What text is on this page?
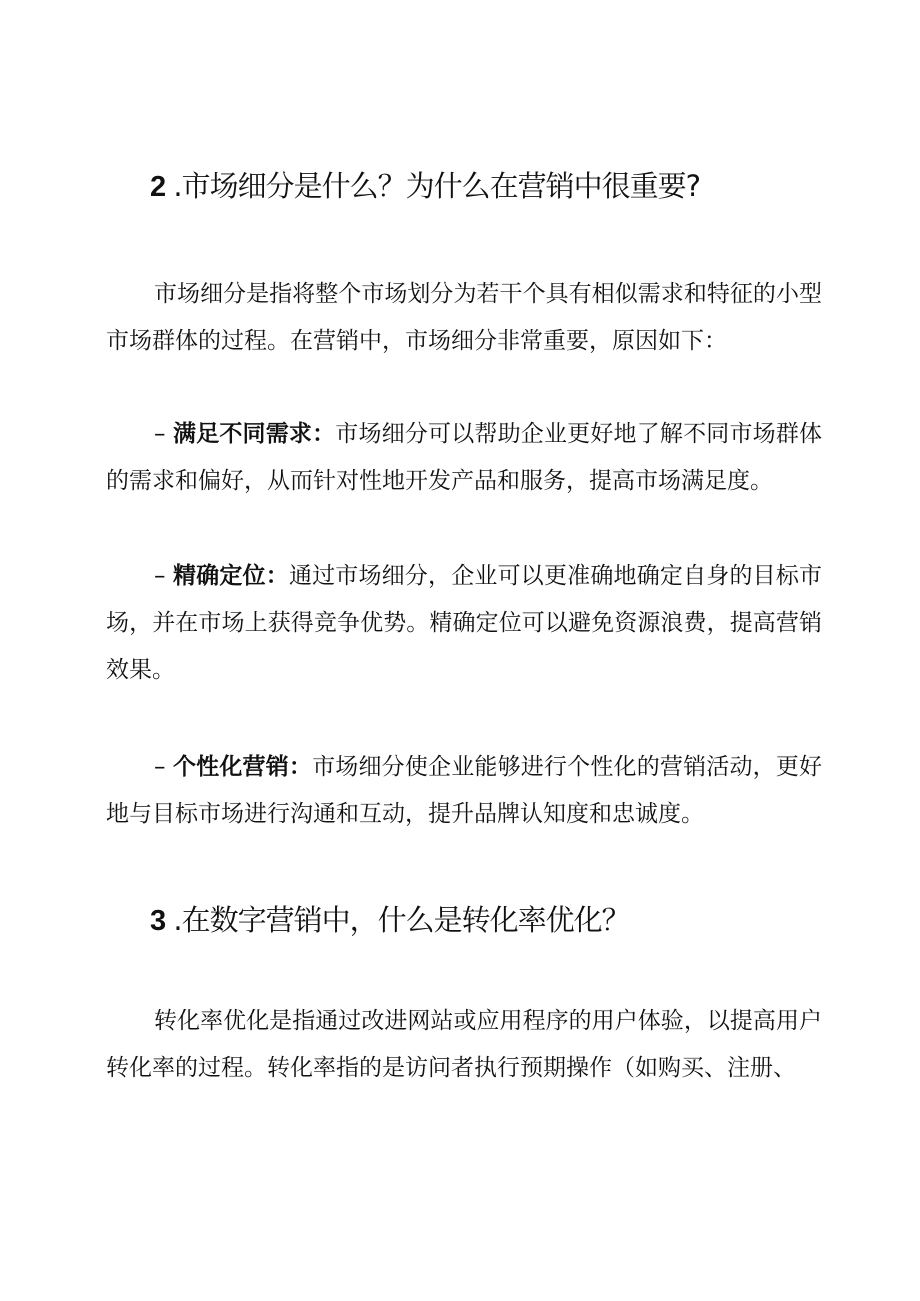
2 .市场细分是什么？为什么在营销中很重要?
市场细分是指将整个市场划分为若干个具有相似需求和特征的小型市场群体的过程。在营销中，市场细分非常重要，原因如下：
– 满足不同需求：市场细分可以帮助企业更好地了解不同市场群体的需求和偏好，从而针对性地开发产品和服务，提高市场满足度。
– 精确定位：通过市场细分，企业可以更准确地确定自身的目标市场，并在市场上获得竞争优势。精确定位可以避免资源浪费，提高营销效果。
– 个性化营销：市场细分使企业能够进行个性化的营销活动，更好地与目标市场进行沟通和互动，提升品牌认知度和忠诚度。
3 .在数字营销中，什么是转化率优化？
转化率优化是指通过改进网站或应用程序的用户体验，以提高用户转化率的过程。转化率指的是访问者执行预期操作（如购买、注册、
